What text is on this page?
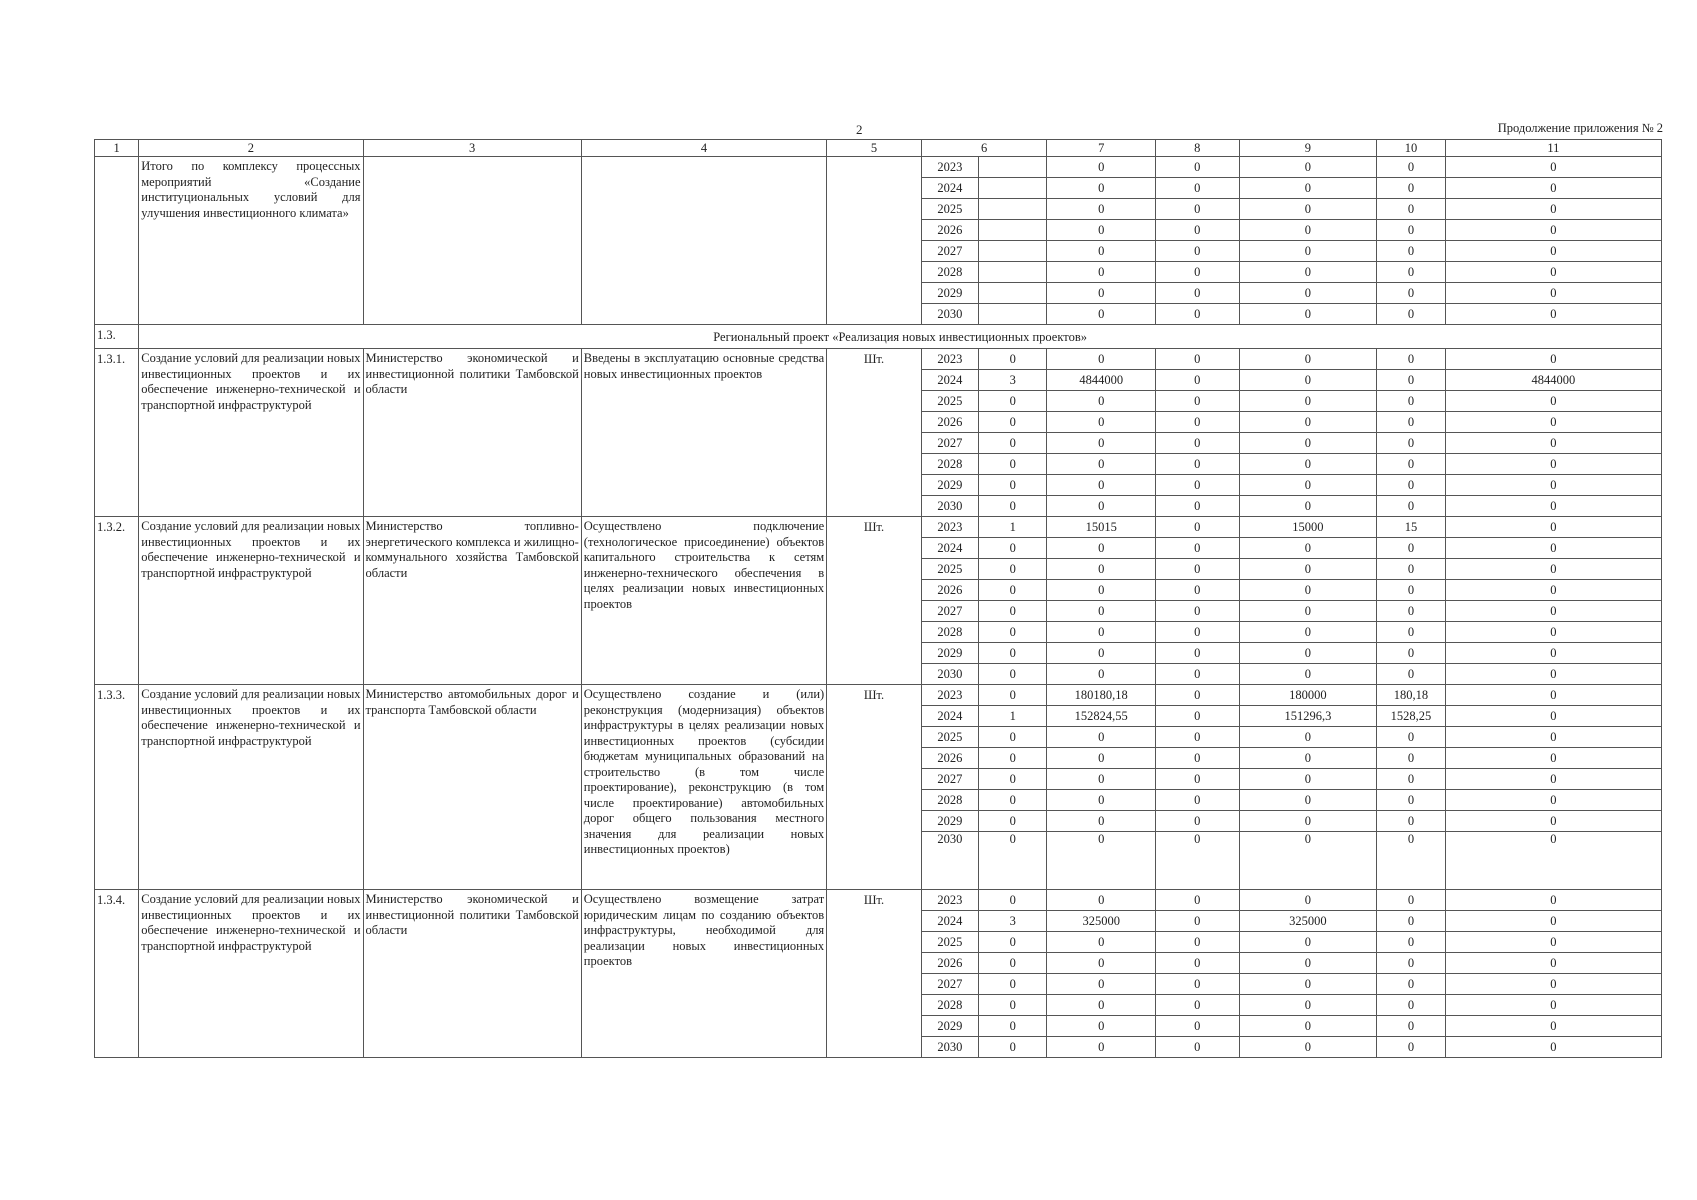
2	Продолжение приложения № 2
1	2	3	4	5	6		7	8	9	10	11
	Итого по комплексу процессных мероприятий «Создание институциональных условий для улучшения инвестиционного климата»				2023		0	0	0	0	0
					2024		0	0	0	0	0
					2025		0	0	0	0	0
					2026		0	0	0	0	0
					2027		0	0	0	0	0
					2028		0	0	0	0	0
					2029		0	0	0	0	0
					2030		0	0	0	0	0
1.3.	Региональный проект «Реализация новых инвестиционных проектов»										
1.3.1.	Создание условий для реализации новых инвестиционных проектов и их обеспечение инженерно-технической и транспортной инфраструктурой	Министерство экономической и инвестиционной политики Тамбовской области	Введены в эксплуатацию основные средства новых инвестиционных проектов	Шт.	2023	0	0	0	0	0	0
					2024	3	4844000	0	0	0	4844000
					2025	0	0	0	0	0	0
					2026	0	0	0	0	0	0
					2027	0	0	0	0	0	0
					2028	0	0	0	0	0	0
					2029	0	0	0	0	0	0
					2030	0	0	0	0	0	0
1.3.2.	Создание условий для реализации новых инвестиционных проектов и их обеспечение инженерно-технической и транспортной инфраструктурой	Министерство топливно-энергетического комплекса и жилищно-коммунального хозяйства Тамбовской области	Осуществлено подключение (технологическое присоединение) объектов капитального строительства к сетям инженерно-технического обеспечения в целях реализации новых инвестиционных проектов	Шт.	2023	1	15015	0	15000	15	0
					2024	0	0	0	0	0	0
					2025	0	0	0	0	0	0
					2026	0	0	0	0	0	0
					2027	0	0	0	0	0	0
					2028	0	0	0	0	0	0
					2029	0	0	0	0	0	0
					2030	0	0	0	0	0	0
1.3.3.	Создание условий для реализации новых инвестиционных проектов и их обеспечение инженерно-технической и транспортной инфраструктурой	Министерство автомобильных дорог и транспорта Тамбовской области	Осуществлено создание и (или) реконструкция (модернизация) объектов инфраструктуры в целях реализации новых инвестиционных проектов (субсидии бюджетам муниципальных образований на строительство (в том числе проектирование), реконструкцию (в том числе проектирование) автомобильных дорог общего пользования местного значения для реализации новых инвестиционных проектов)	Шт.	2023	0	180180,18	0	180000	180,18	0
					2024	1	152824,55	0	151296,3	1528,25	0
					2025	0	0	0	0	0	0
					2026	0	0	0	0	0	0
					2027	0	0	0	0	0	0
					2028	0	0	0	0	0	0
					2029	0	0	0	0	0	0
					2030	0	0	0	0	0	0
1.3.4.	Создание условий для реализации новых инвестиционных проектов и их обеспечение инженерно-технической и транспортной инфраструктурой	Министерство экономической и инвестиционной политики Тамбовской области	Осуществлено возмещение затрат юридическим лицам по созданию объектов инфраструктуры, необходимой для реализации новых инвестиционных проектов	Шт.	2023	0	0	0	0	0	0
					2024	3	325000	0	325000	0	0
					2025	0	0	0	0	0	0
					2026	0	0	0	0	0	0
					2027	0	0	0	0	0	0
					2028	0	0	0	0	0	0
					2029	0	0	0	0	0	0
					2030	0	0	0	0	0	0
